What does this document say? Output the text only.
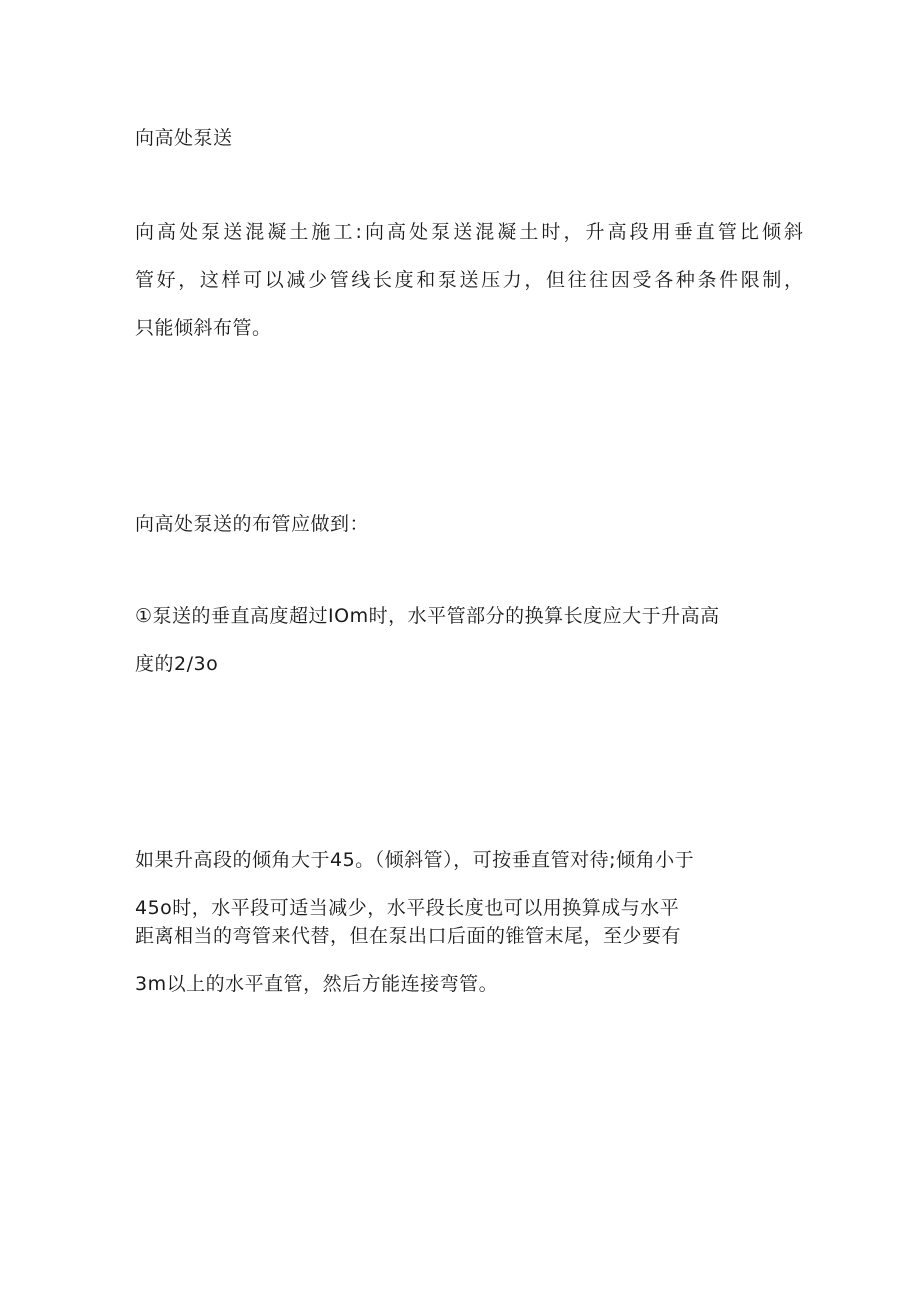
向高处泵送

向高处泵送混凝土施工:向高处泵送混凝土时，升高段用垂直管比倾斜

管好，这样可以减少管线长度和泵送压力，但往往因受各种条件限制，

只能倾斜布管。

向高处泵送的布管应做到：

①泵送的垂直高度超过IOm时，水平管部分的换算长度应大于升高高

度的2/3o

如果升高段的倾角大于45。（倾斜管），可按垂直管对待;倾角小于

45o时，水平段可适当减少，水平段长度也可以用换算成与水平

距离相当的弯管来代替，但在泵出口后面的锥管末尾，至少要有

3m以上的水平直管，然后方能连接弯管。
